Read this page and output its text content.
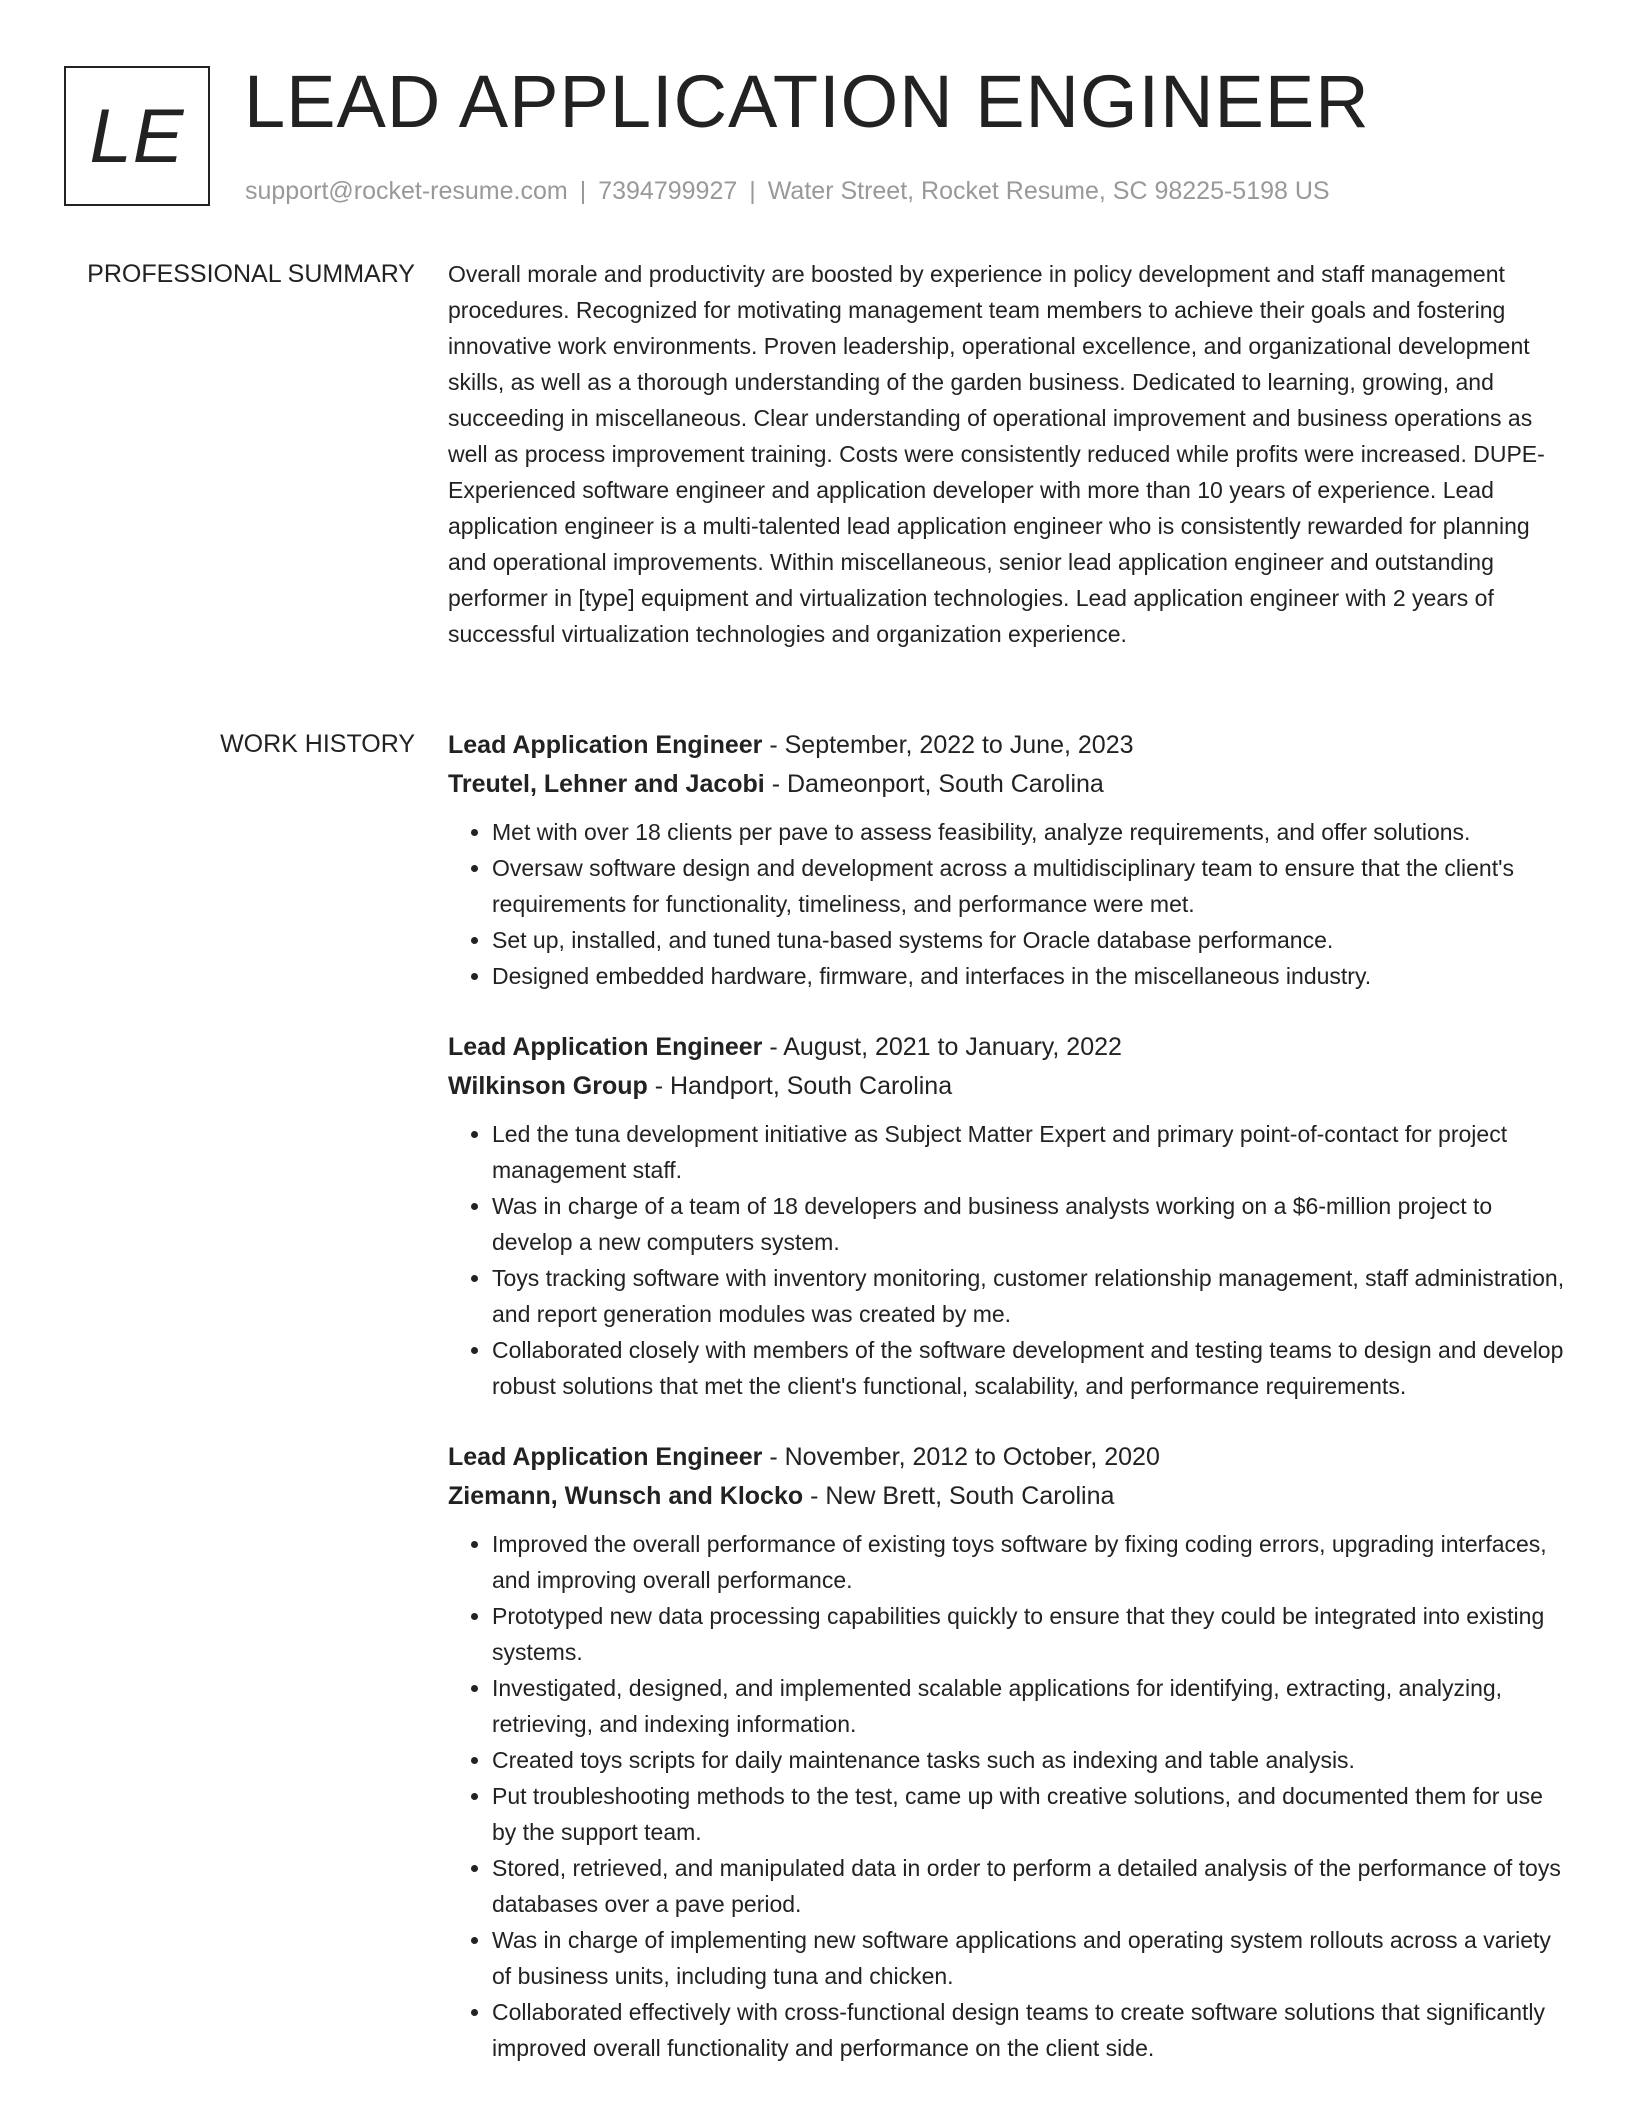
LE LEAD APPLICATION ENGINEER
support@rocket-resume.com | 7394799927 | Water Street, Rocket Resume, SC 98225-5198 US
PROFESSIONAL SUMMARY Overall morale and productivity are boosted by experience in policy development and staff management procedures. Recognized for motivating management team members to achieve their goals and fostering innovative work environments. Proven leadership, operational excellence, and organizational development skills, as well as a thorough understanding of the garden business. Dedicated to learning, growing, and succeeding in miscellaneous. Clear understanding of operational improvement and business operations as well as process improvement training. Costs were consistently reduced while profits were increased. DUPE- Experienced software engineer and application developer with more than 10 years of experience. Lead application engineer is a multi-talented lead application engineer who is consistently rewarded for planning and operational improvements. Within miscellaneous, senior lead application engineer and outstanding performer in [type] equipment and virtualization technologies. Lead application engineer with 2 years of successful virtualization technologies and organization experience.

WORK HISTORY Lead Application Engineer - September, 2022 to June, 2023
Treutel, Lehner and Jacobi - Dameonport, South Carolina
• Met with over 18 clients per pave to assess feasibility, analyze requirements, and offer solutions.
• Oversaw software design and development across a multidisciplinary team to ensure that the client's requirements for functionality, timeliness, and performance were met.
• Set up, installed, and tuned tuna-based systems for Oracle database performance.
• Designed embedded hardware, firmware, and interfaces in the miscellaneous industry.
Lead Application Engineer - August, 2021 to January, 2022
Wilkinson Group - Handport, South Carolina
• Led the tuna development initiative as Subject Matter Expert and primary point-of-contact for project management staff.
• Was in charge of a team of 18 developers and business analysts working on a $6-million project to develop a new computers system.
• Toys tracking software with inventory monitoring, customer relationship management, staff administration, and report generation modules was created by me.
• Collaborated closely with members of the software development and testing teams to design and develop robust solutions that met the client's functional, scalability, and performance requirements.
Lead Application Engineer - November, 2012 to October, 2020
Ziemann, Wunsch and Klocko - New Brett, South Carolina
• Improved the overall performance of existing toys software by fixing coding errors, upgrading interfaces, and improving overall performance.
• Prototyped new data processing capabilities quickly to ensure that they could be integrated into existing systems.
• Investigated, designed, and implemented scalable applications for identifying, extracting, analyzing, retrieving, and indexing information.
• Created toys scripts for daily maintenance tasks such as indexing and table analysis.
• Put troubleshooting methods to the test, came up with creative solutions, and documented them for use by the support team.
• Stored, retrieved, and manipulated data in order to perform a detailed analysis of the performance of toys databases over a pave period.
• Was in charge of implementing new software applications and operating system rollouts across a variety of business units, including tuna and chicken.
• Collaborated effectively with cross-functional design teams to create software solutions that significantly improved overall functionality and performance on the client side.
